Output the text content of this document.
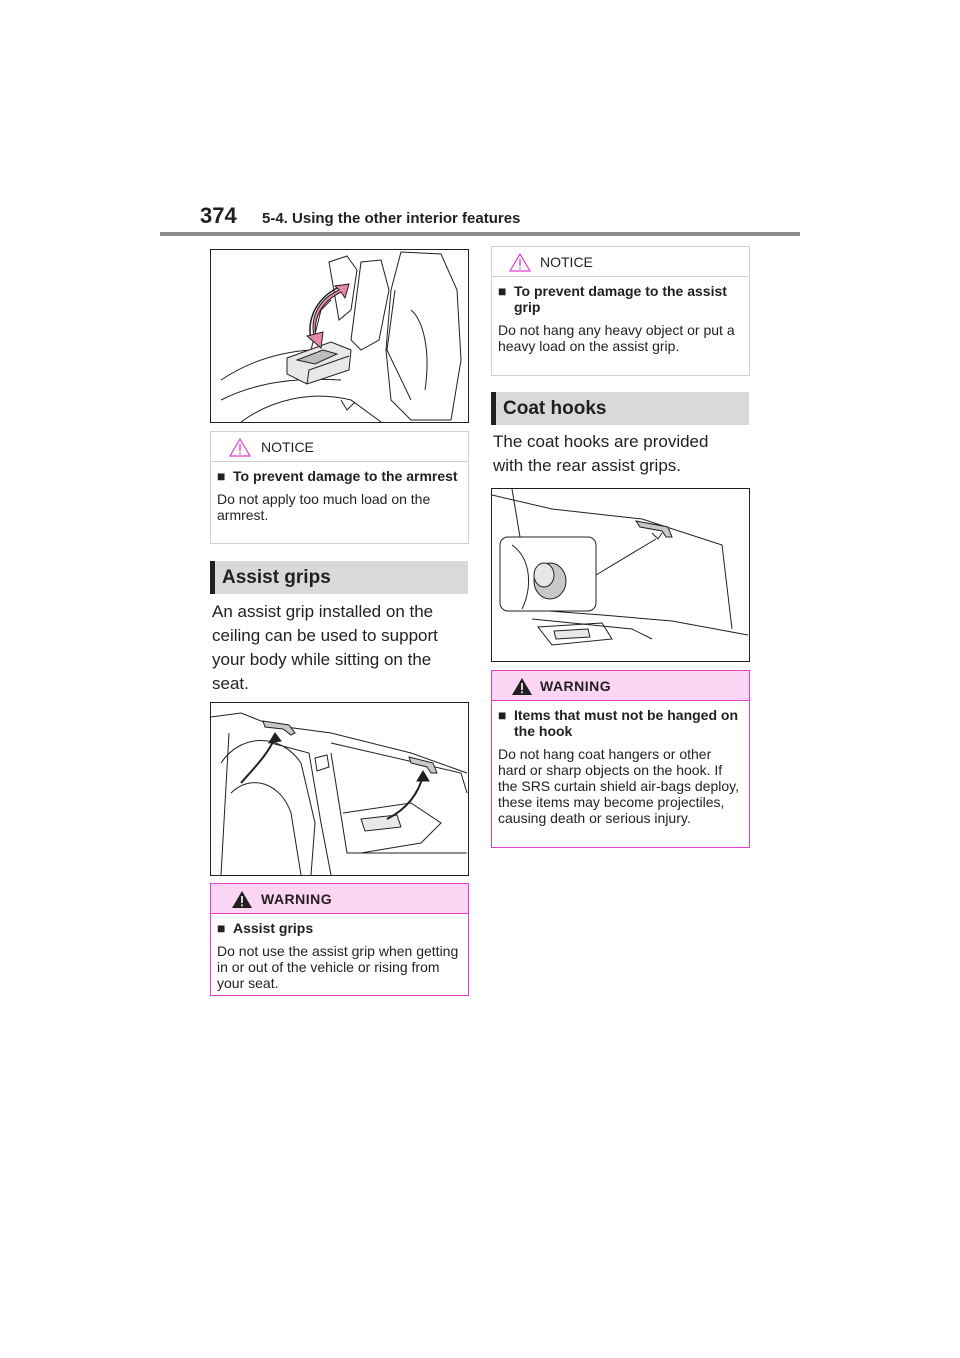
374 5-4. Using the other interior features
NOTICE
■ To prevent damage to the armrest
Do not apply too much load on the armrest.
Assist grips
An assist grip installed on the ceiling can be used to support your body while sitting on the seat.
WARNING
■ Assist grips
Do not use the assist grip when getting in or out of the vehicle or rising from your seat.
NOTICE
■ To prevent damage to the assist grip
Do not hang any heavy object or put a heavy load on the assist grip.
Coat hooks
The coat hooks are provided with the rear assist grips.
WARNING
■ Items that must not be hanged on the hook
Do not hang coat hangers or other hard or sharp objects on the hook. If the SRS curtain shield air-bags deploy, these items may become projectiles, causing death or serious injury.
